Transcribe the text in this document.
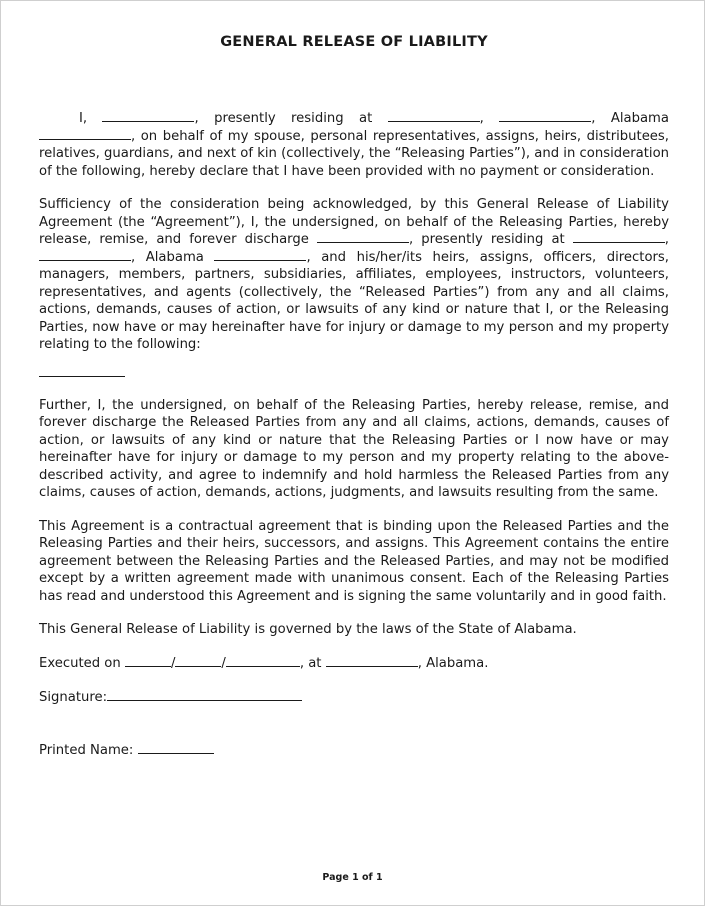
GENERAL RELEASE OF LIABILITY

I,	, presently residing at	,	, Alabama , on behalf of my spouse, personal representatives, assigns, heirs, distributees, relatives, guardians, and next of kin (collectively, the “Releasing Parties”), and in consideration of the following, hereby declare that I have been provided with no payment or consideration.

Sufficiency of the consideration being acknowledged, by this General Release of Liability Agreement (the “Agreement”), I, the undersigned, on behalf of the Releasing Parties, hereby release, remise, and forever discharge	, presently residing at	, , Alabama	, and his/her/its heirs, assigns, officers, directors, managers, members, partners, subsidiaries, affiliates, employees, instructors, volunteers, representatives, and agents (collectively, the “Released Parties”) from any and all claims, actions, demands, causes of action, or lawsuits of any kind or nature that I, or the Releasing Parties, now have or may hereinafter have for injury or damage to my person and my property relating to the following:

Further, I, the undersigned, on behalf of the Releasing Parties, hereby release, remise, and forever discharge the Released Parties from any and all claims, actions, demands, causes of action, or lawsuits of any kind or nature that the Releasing Parties or I now have or may hereinafter have for injury or damage to my person and my property relating to the above-described activity, and agree to indemnify and hold harmless the Released Parties from any claims, causes of action, demands, actions, judgments, and lawsuits resulting from the same.

This Agreement is a contractual agreement that is binding upon the Released Parties and the Releasing Parties and their heirs, successors, and assigns. This Agreement contains the entire agreement between the Releasing Parties and the Released Parties, and may not be modified except by a written agreement made with unanimous consent. Each of the Releasing Parties has read and understood this Agreement and is signing the same voluntarily and in good faith.

This General Release of Liability is governed by the laws of the State of Alabama.

Executed on	/	/	, at	, Alabama.

Signature:

Printed Name:

Page 1 of 1
